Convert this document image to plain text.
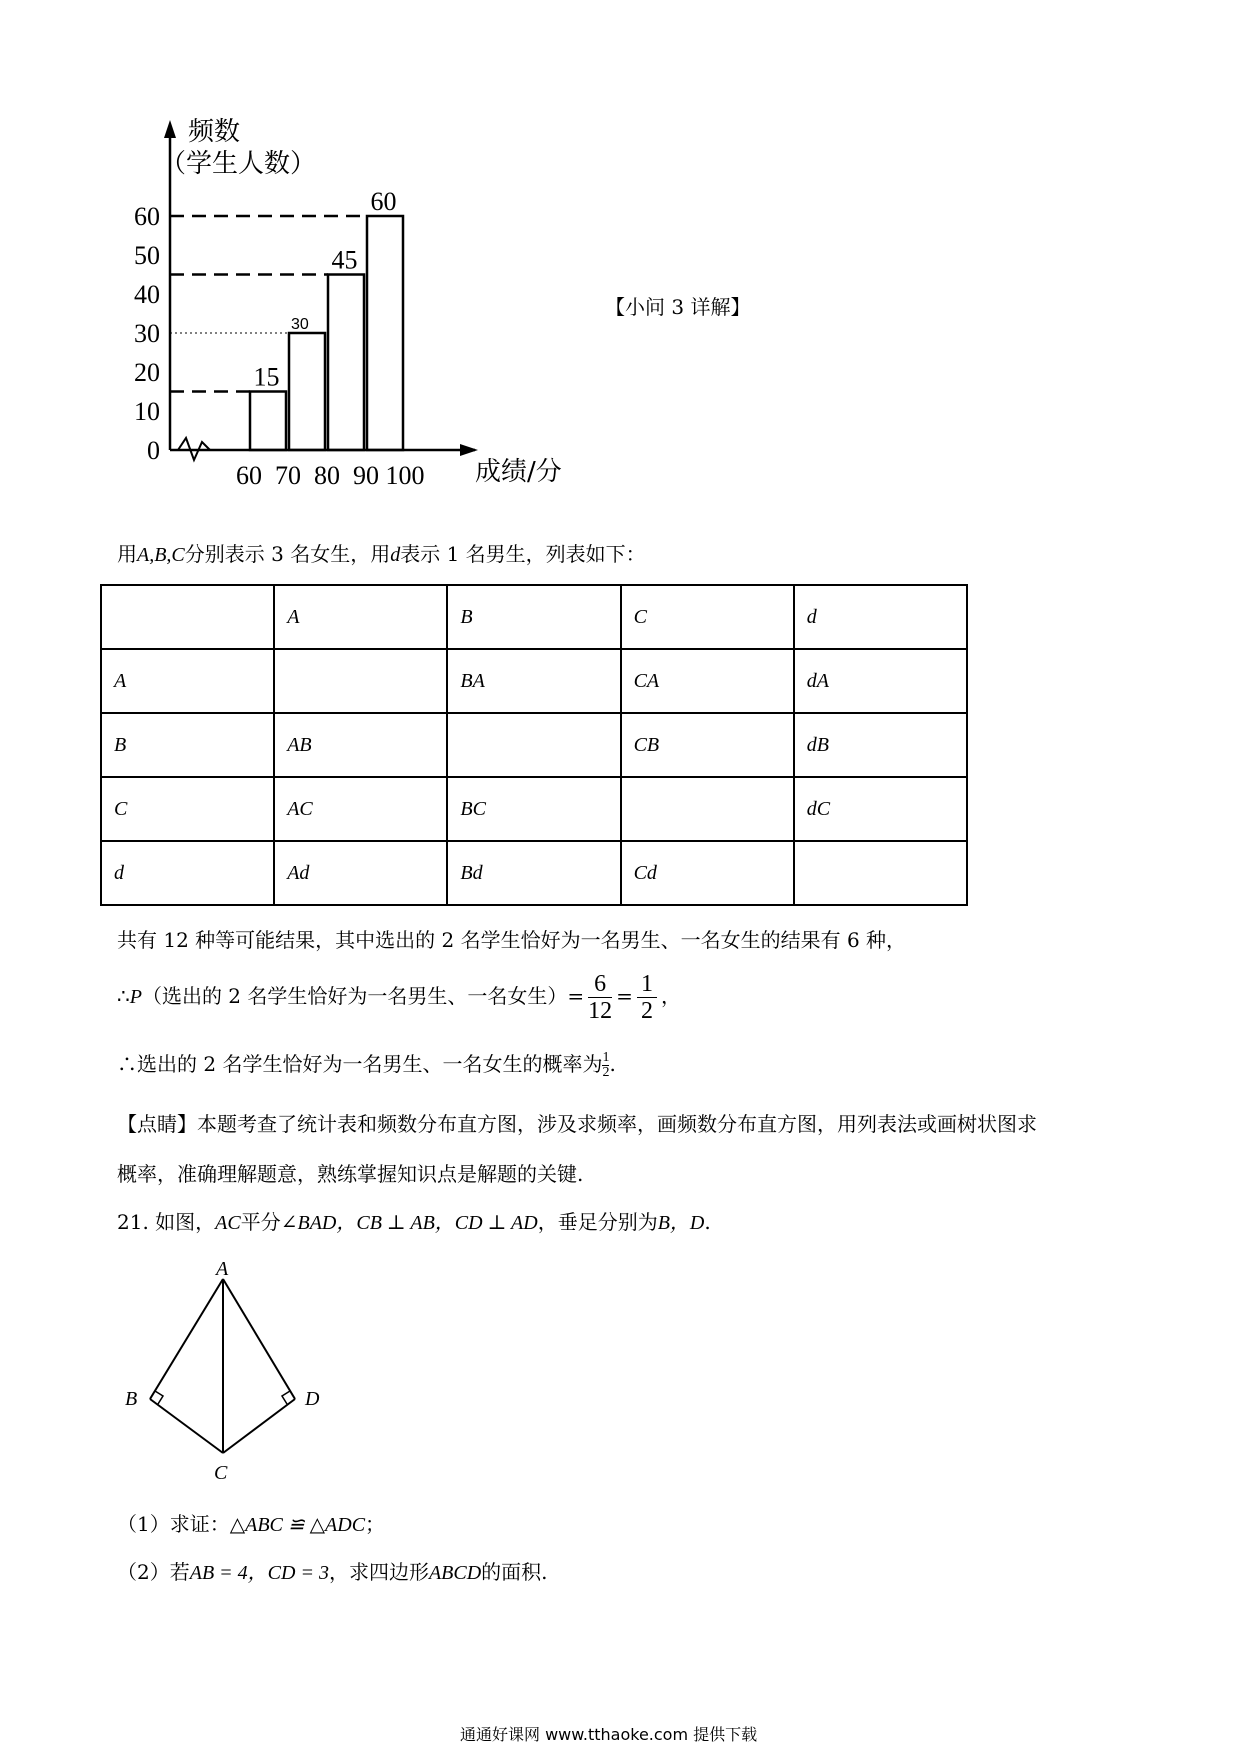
0
10
20
30
40
50
60
频数
（学生人数）
15
30
45
60
60 70 80 90 100 成绩/分
【小问 3 详解】
用A,B,C分别表示 3 名女生，用d表示 1 名男生，列表如下：
	A	B	C	d
A		BA	CA	dA
B	AB		CB	dB
C	AC	BC		dC
d	Ad	Bd	Cd	
共有 12 种等可能结果，其中选出的 2 名学生恰好为一名男生、一名女生的结果有 6 种，
∴P（选出的 2 名学生恰好为一名男生、一名女生）= $\frac{6}{12} = \frac{1}{2}$ ，
∴选出的 2 名学生恰好为一名男生、一名女生的概率为 $\frac{1}{2}$ .
【点睛】本题考查了统计表和频数分布直方图，涉及求频率，画频数分布直方图，用列表法或画树状图求
概率，准确理解题意，熟练掌握知识点是解题的关键.
21. 如图，AC平分∠BAD，CB ⊥ AB，CD ⊥ AD，垂足分别为B，D.
A
B
C
D
（1）求证：△ABC ≌ △ADC；
（2）若AB = 4，CD = 3，求四边形ABCD的面积.
通通好课网 www.tthaoke.com 提供下载
